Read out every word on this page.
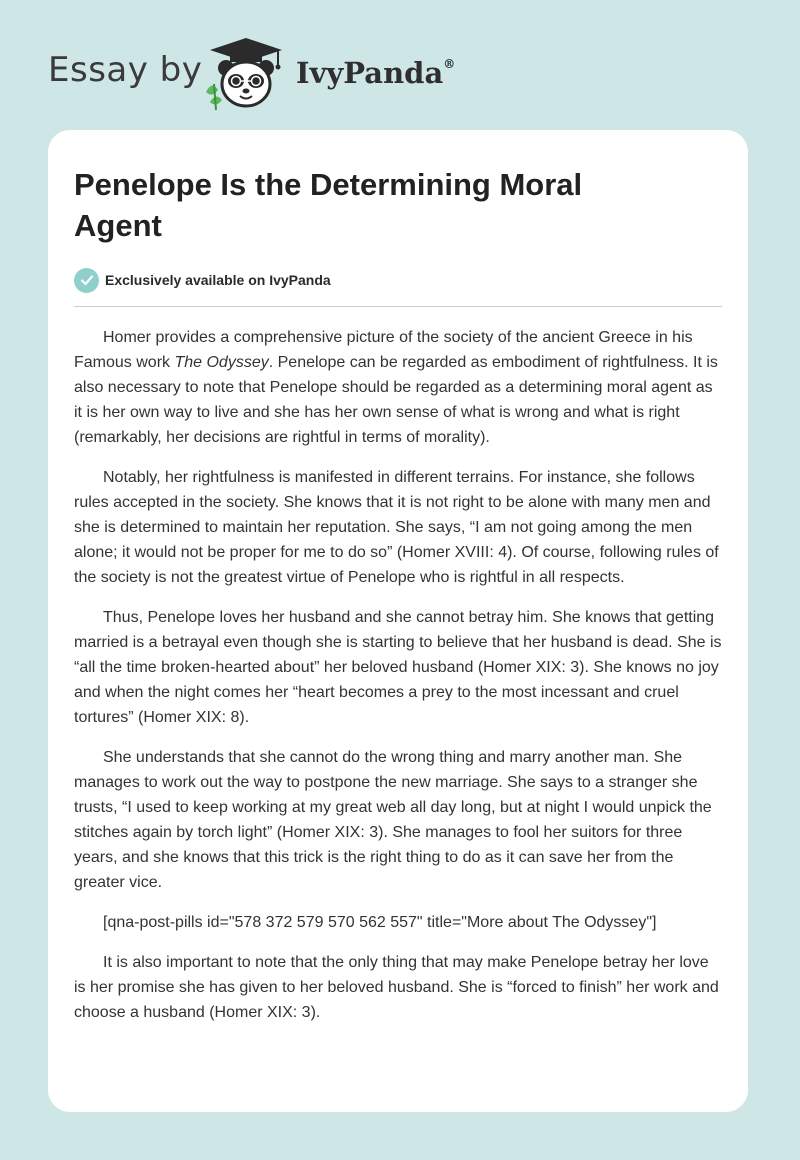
Essay by	IvyPanda®
Penelope Is the Determining Moral Agent
Exclusively available on IvyPanda

Homer provides a comprehensive picture of the society of the ancient Greece in his Famous work The Odyssey. Penelope can be regarded as embodiment of rightfulness. It is also necessary to note that Penelope should be regarded as a determining moral agent as it is her own way to live and she has her own sense of what is wrong and what is right (remarkably, her decisions are rightful in terms of morality).

Notably, her rightfulness is manifested in different terrains. For instance, she follows rules accepted in the society. She knows that it is not right to be alone with many men and she is determined to maintain her reputation. She says, “I am not going among the men alone; it would not be proper for me to do so” (Homer XVIII: 4). Of course, following rules of the society is not the greatest virtue of Penelope who is rightful in all respects.

Thus, Penelope loves her husband and she cannot betray him. She knows that getting married is a betrayal even though she is starting to believe that her husband is dead. She is “all the time broken-hearted about” her beloved husband (Homer XIX: 3). She knows no joy and when the night comes her “heart becomes a prey to the most incessant and cruel tortures” (Homer XIX: 8).

She understands that she cannot do the wrong thing and marry another man. She manages to work out the way to postpone the new marriage. She says to a stranger she trusts, “I used to keep working at my great web all day long, but at night I would unpick the stitches again by torch light” (Homer XIX: 3). She manages to fool her suitors for three years, and she knows that this trick is the right thing to do as it can save her from the greater vice.

[qna-post-pills id="578 372 579 570 562 557" title="More about The Odyssey"]

It is also important to note that the only thing that may make Penelope betray her love is her promise she has given to her beloved husband. She is “forced to finish” her work and choose a husband (Homer XIX: 3).
